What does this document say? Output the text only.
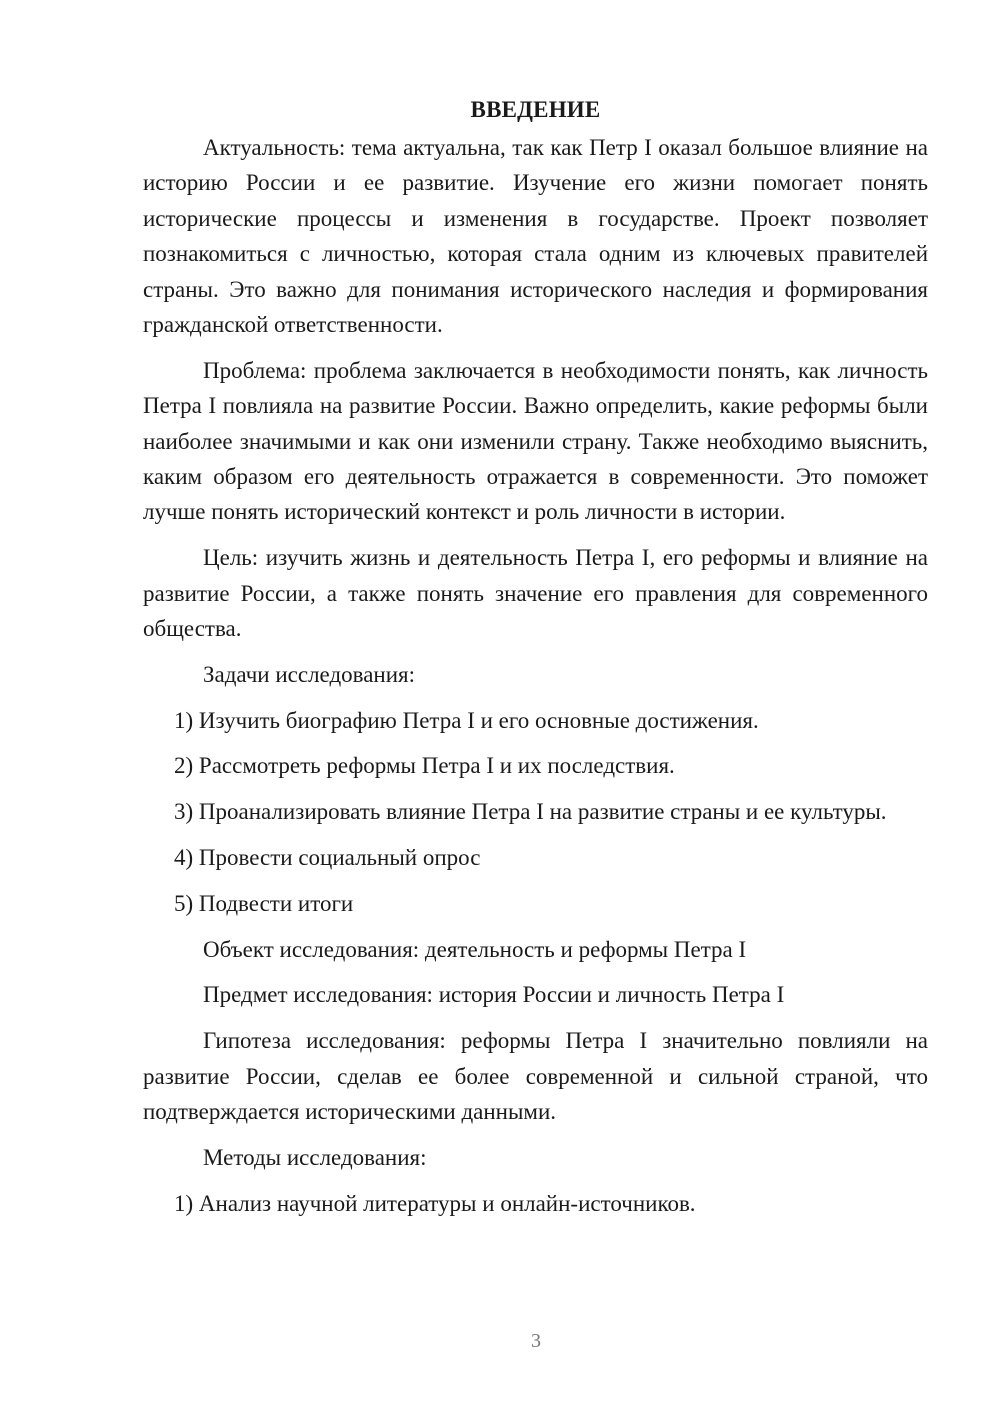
ВВЕДЕНИЕ
Актуальность: тема актуальна, так как Петр I оказал большое влияние на историю России и ее развитие. Изучение его жизни помогает понять исторические процессы и изменения в государстве. Проект позволяет познакомиться с личностью, которая стала одним из ключевых правителей страны. Это важно для понимания исторического наследия и формирования гражданской ответственности.
Проблема: проблема заключается в необходимости понять, как личность Петра I повлияла на развитие России. Важно определить, какие реформы были наиболее значимыми и как они изменили страну. Также необходимо выяснить, каким образом его деятельность отражается в современности. Это поможет лучше понять исторический контекст и роль личности в истории.
Цель: изучить жизнь и деятельность Петра I, его реформы и влияние на развитие России, а также понять значение его правления для современного общества.
Задачи исследования:
1) Изучить биографию Петра I и его основные достижения.
2) Рассмотреть реформы Петра I и их последствия.
3) Проанализировать влияние Петра I на развитие страны и ее культуры.
4) Провести социальный опрос
5) Подвести итоги
Объект исследования: деятельность и реформы Петра I
Предмет исследования: история России и личность Петра I
Гипотеза исследования: реформы Петра I значительно повлияли на развитие России, сделав ее более современной и сильной страной, что подтверждается историческими данными.
Методы исследования:
1) Анализ научной литературы и онлайн-источников.
3
